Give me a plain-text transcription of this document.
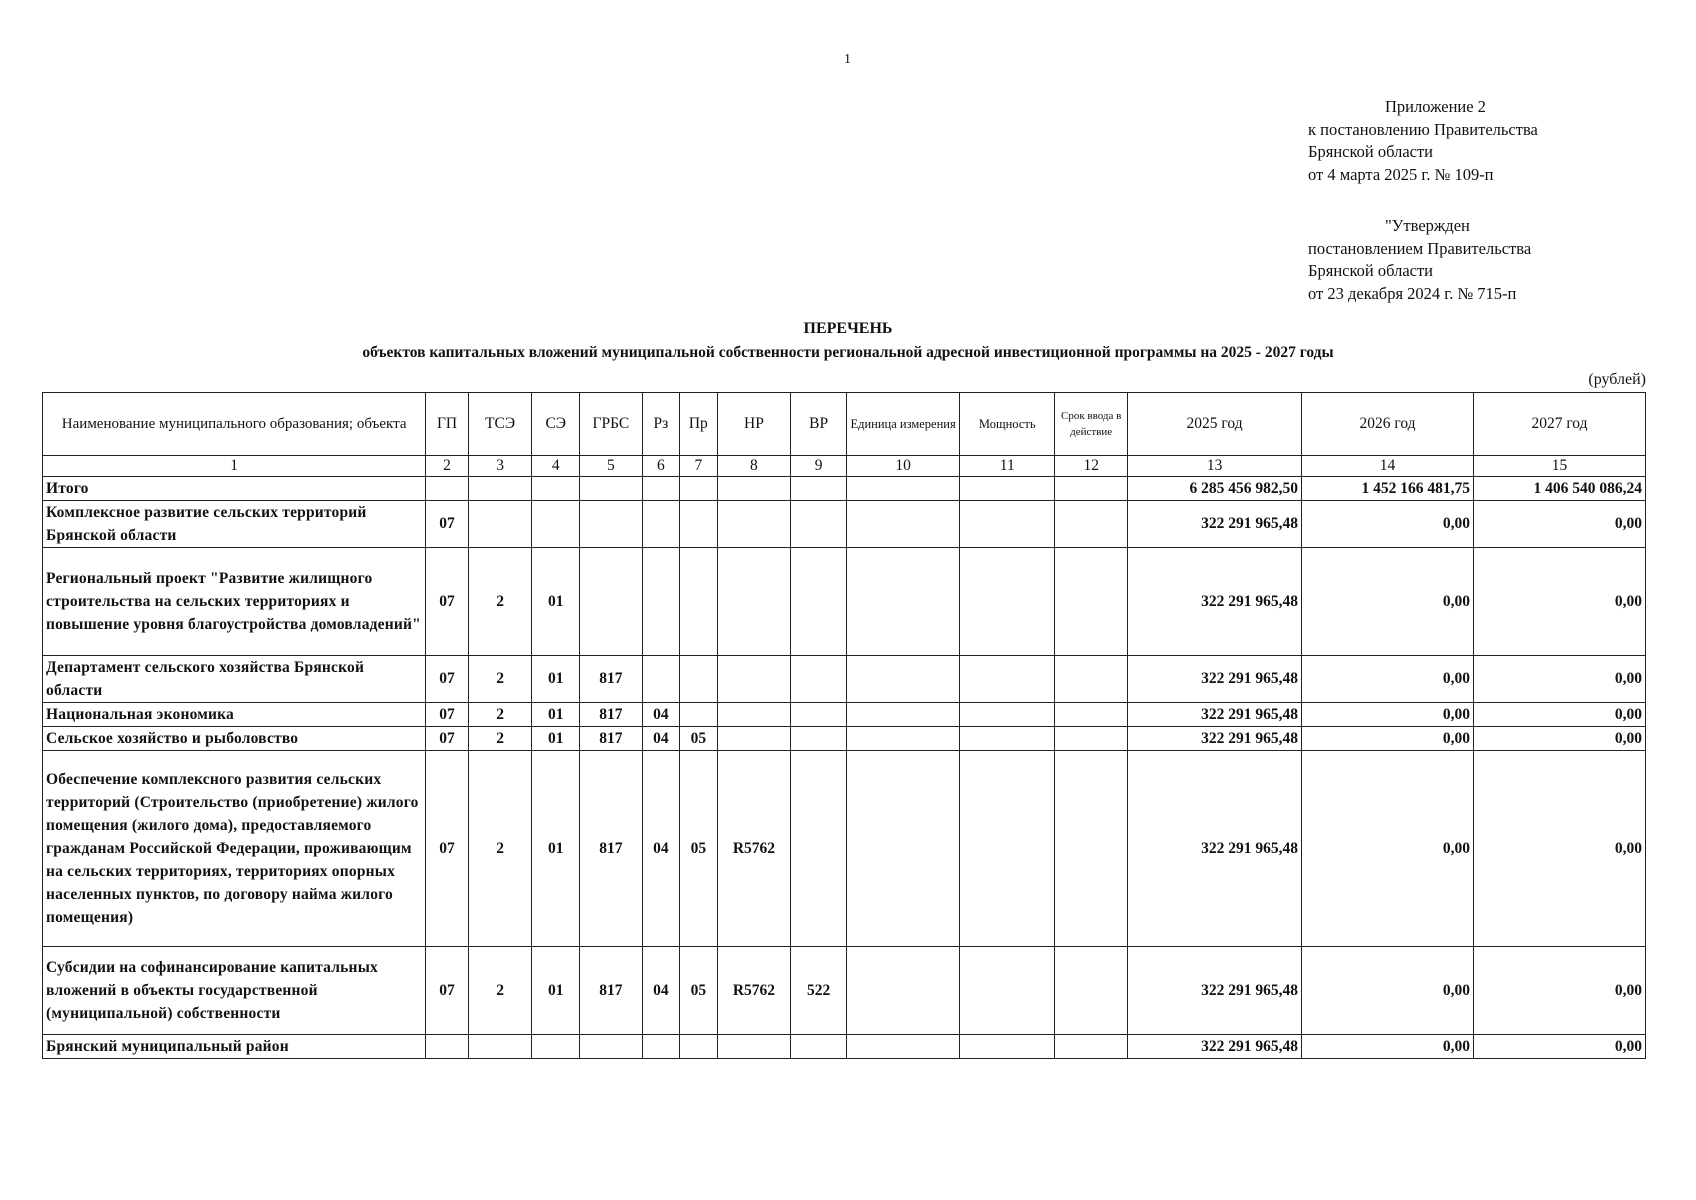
1
Приложение 2
к постановлению Правительства
Брянской области
от 4 марта 2025 г. № 109-п
"Утвержден
постановлением Правительства
Брянской области
от 23 декабря 2024 г. № 715-п
ПЕРЕЧЕНЬ
объектов капитальных вложений муниципальной собственности региональной адресной инвестиционной программы на 2025 - 2027 годы
(рублей)
Наименование муниципального образования; объекта	ГП	ТСЭ	СЭ	ГРБС	Рз	Пр	НР	ВР	Единица измерения	Мощность	Срок ввода в действие	2025 год	2026 год	2027 год
1	2	3	4	5	6	7	8	9	10	11	12	13	14	15
Итого												6 285 456 982,50	1 452 166 481,75	1 406 540 086,24
Комплексное развитие сельских территорий Брянской области	07											322 291 965,48	0,00	0,00
Региональный проект "Развитие жилищного строительства на сельских территориях и повышение уровня благоустройства домовладений"	07	2	01									322 291 965,48	0,00	0,00
Департамент сельского хозяйства Брянской области	07	2	01	817								322 291 965,48	0,00	0,00
Национальная экономика	07	2	01	817	04							322 291 965,48	0,00	0,00
Сельское хозяйство и рыболовство	07	2	01	817	04	05						322 291 965,48	0,00	0,00
Обеспечение комплексного развития сельских территорий (Строительство (приобретение) жилого помещения (жилого дома), предоставляемого гражданам Российской Федерации, проживающим на сельских территориях, территориях опорных населенных пунктов, по договору найма жилого помещения)	07	2	01	817	04	05	R5762					322 291 965,48	0,00	0,00
Субсидии на софинансирование капитальных вложений в объекты государственной (муниципальной) собственности	07	2	01	817	04	05	R5762	522				322 291 965,48	0,00	0,00
Брянский муниципальный район												322 291 965,48	0,00	0,00
